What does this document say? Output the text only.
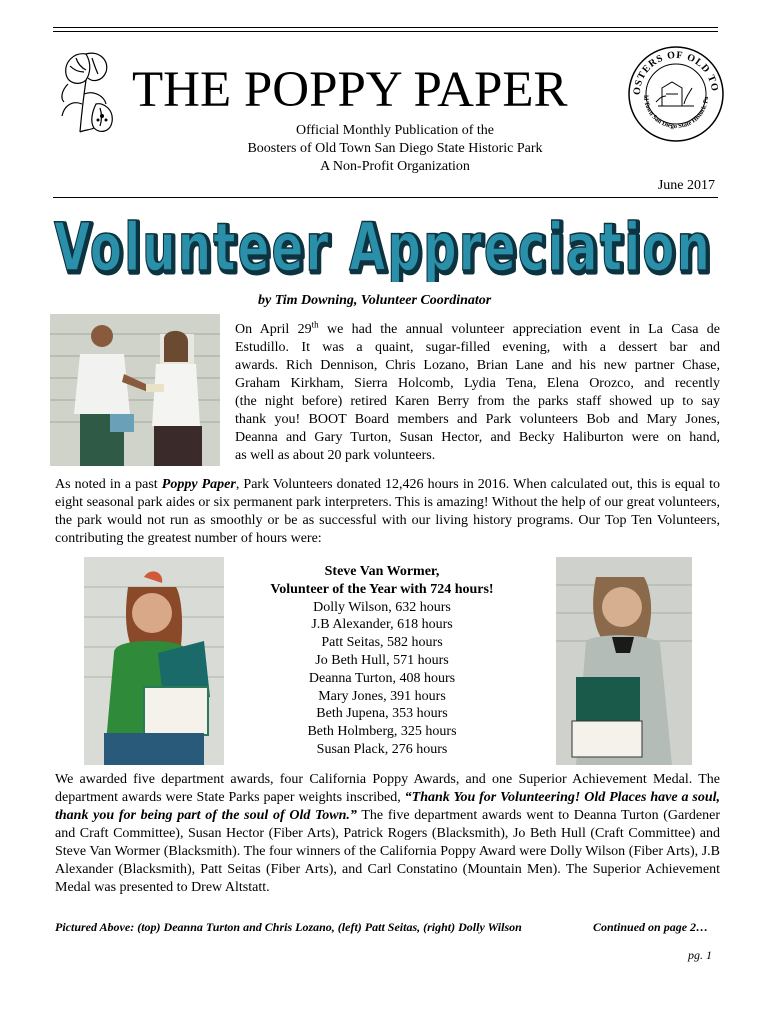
THE POPPY PAPER	OSTERS OF OLD TO
ld Town San Diego State Historic Pa
Official Monthly Publication of the
Boosters of Old Town San Diego State Historic Park
A Non-Profit Organization
June 2017
Volunteer Appreciation
Volunteer Appreciation
by Tim Downing, Volunteer Coordinator
On April 29th we had the annual volunteer appreciation event in La Casa de
Estudillo. It was a quaint, sugar-filled evening, with a dessert bar and
awards. Rich Dennison, Chris Lozano, Brian Lane and his new partner Chase,
Graham Kirkham, Sierra Holcomb, Lydia Tena, Elena Orozco, and recently
(the night before) retired Karen Berry from the parks staff showed up to say
thank you! BOOT Board members and Park volunteers Bob and Mary Jones,
Deanna and Gary Turton, Susan Hector, and Becky Haliburton were on hand,
as well as about 20 park volunteers.
As noted in a past Poppy Paper, Park Volunteers donated 12,426 hours in 2016. When calculated out, this is equal to eight seasonal park aides or six permanent park interpreters. This is amazing! Without the help of our great volunteers, the park would not run as smoothly or be as successful with our living history programs. Our Top Ten Volunteers, contributing the greatest number of hours were:
Steve Van Wormer,
Volunteer of the Year with 724 hours!
Dolly Wilson, 632 hours
J.B Alexander, 618 hours
Patt Seitas, 582 hours
Jo Beth Hull, 571 hours
Deanna Turton, 408 hours
Mary Jones, 391 hours
Beth Jupena, 353 hours
Beth Holmberg, 325 hours
Susan Plack, 276 hours
We awarded five department awards, four California Poppy Awards, and one Superior Achievement Medal. The department awards were State Parks paper weights inscribed, “Thank You for Volunteering! Old Places have a soul, thank you for being part of the soul of Old Town.” The five department awards went to Deanna Turton (Gardener and Craft Committee), Susan Hector (Fiber Arts), Patrick Rogers (Blacksmith), Jo Beth Hull (Craft Committee) and Steve Van Wormer (Blacksmith). The four winners of the California Poppy Award were Dolly Wilson (Fiber Arts), J.B Alexander (Blacksmith), Patt Seitas (Fiber Arts), and Carl Constatino (Mountain Men). The Superior Achievement Medal was presented to Drew Altstatt.
Pictured Above: (top) Deanna Turton and Chris Lozano, (left) Patt Seitas, (right) Dolly Wilson	Continued on page 2…
pg. 1
